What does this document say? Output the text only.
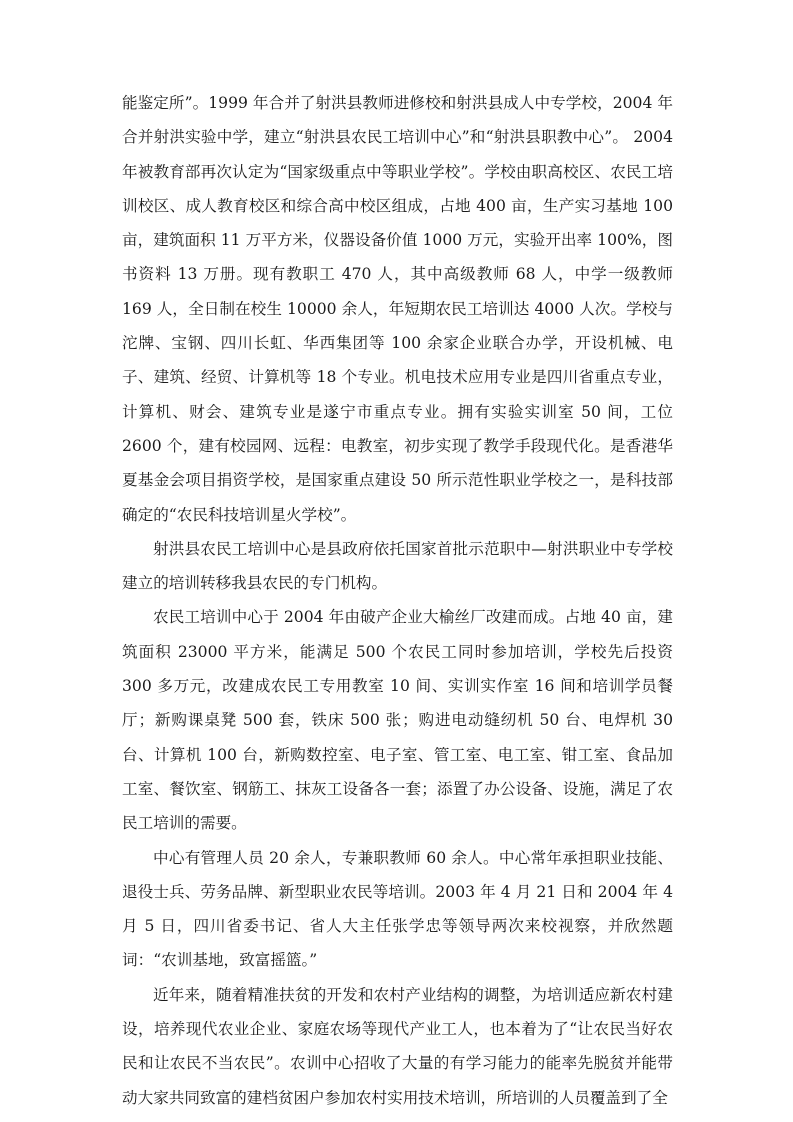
能鉴定所”。1999 年合并了射洪县教师进修校和射洪县成人中专学校，2004 年合并射洪实验中学，建立“射洪县农民工培训中心”和“射洪县职教中心”。 2004 年被教育部再次认定为“国家级重点中等职业学校”。学校由职高校区、农民工培训校区、成人教育校区和综合高中校区组成，占地 400 亩，生产实习基地 100 亩，建筑面积 11 万平方米，仪器设备价值 1000 万元，实验开出率 100%，图书资料 13 万册。现有教职工 470 人，其中高级教师 68 人，中学一级教师 169 人，全日制在校生 10000 余人，年短期农民工培训达 4000 人次。学校与沱牌、宝钢、四川长虹、华西集团等 100 余家企业联合办学，开设机械、电子、建筑、经贸、计算机等 18 个专业。机电技术应用专业是四川省重点专业，计算机、财会、建筑专业是遂宁市重点专业。拥有实验实训室 50 间，工位 2600 个，建有校园网、远程：电教室，初步实现了教学手段现代化。是香港华夏基金会项目捐资学校，是国家重点建设 50 所示范性职业学校之一，是科技部确定的“农民科技培训星火学校”。

射洪县农民工培训中心是县政府依托国家首批示范职中—射洪职业中专学校建立的培训转移我县农民的专门机构。

农民工培训中心于 2004 年由破产企业大榆丝厂改建而成。占地 40 亩，建筑面积 23000 平方米，能满足 500 个农民工同时参加培训，学校先后投资 300 多万元，改建成农民工专用教室 10 间、实训实作室 16 间和培训学员餐厅；新购课桌凳 500 套，铁床 500 张；购进电动缝纫机 50 台、电焊机 30 台、计算机 100 台，新购数控室、电子室、管工室、电工室、钳工室、食品加工室、餐饮室、钢筋工、抹灰工设备各一套；添置了办公设备、设施，满足了农民工培训的需要。

中心有管理人员 20 余人，专兼职教师 60 余人。中心常年承担职业技能、退役士兵、劳务品牌、新型职业农民等培训。2003 年 4 月 21 日和 2004 年 4 月 5 日，四川省委书记、省人大主任张学忠等领导两次来校视察，并欣然题词：“农训基地，致富摇篮。”

近年来，随着精准扶贫的开发和农村产业结构的调整，为培训适应新农村建设，培养现代农业企业、家庭农场等现代产业工人，也本着为了“让农民当好农民和让农民不当农民”。农训中心招收了大量的有学习能力的能率先脱贫并能带动大家共同致富的建档贫困户参加农村实用技术培训，所培训的人员覆盖到了全
